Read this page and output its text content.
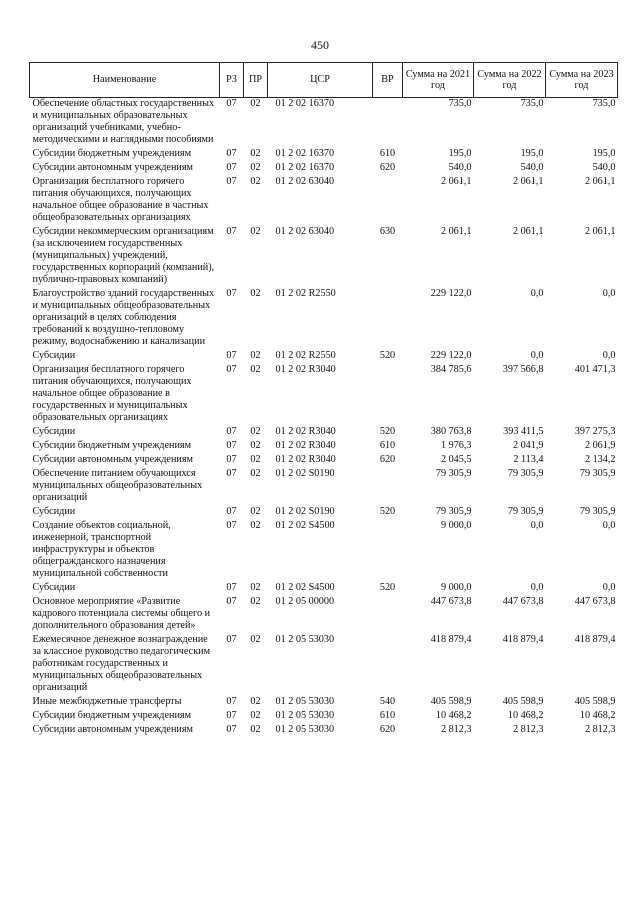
450
Наименование	РЗ	ПР	ЦСР	ВР	Сумма на 2021 год	Сумма на 2022 год	Сумма на 2023 год
Обеспечение областных государственных и муниципальных образовательных организаций учебниками, учебно-методическими и наглядными пособиями	07	02	01 2 02 16370		735,0	735,0	735,0
Субсидии бюджетным учреждениям	07	02	01 2 02 16370	610	195,0	195,0	195,0
Субсидии автономным учреждениям	07	02	01 2 02 16370	620	540,0	540,0	540,0
Организация бесплатного горячего питания обучающихся, получающих начальное общее образование в частных общеобразовательных организациях	07	02	01 2 02 63040		2 061,1	2 061,1	2 061,1
Субсидии некоммерческим организациям (за исключением государственных (муниципальных) учреждений, государственных корпораций (компаний), публично-правовых компаний)	07	02	01 2 02 63040	630	2 061,1	2 061,1	2 061,1
Благоустройство зданий государственных и муниципальных общеобразовательных организаций в целях соблюдения требований к воздушно-тепловому режиму, водоснабжению и канализации	07	02	01 2 02 R2550		229 122,0	0,0	0,0
Субсидии	07	02	01 2 02 R2550	520	229 122,0	0,0	0,0
Организация бесплатного горячего питания обучающихся, получающих начальное общее образование в государственных и муниципальных образовательных организациях	07	02	01 2 02 R3040		384 785,6	397 566,8	401 471,3
Субсидии	07	02	01 2 02 R3040	520	380 763,8	393 411,5	397 275,3
Субсидии бюджетным учреждениям	07	02	01 2 02 R3040	610	1 976,3	2 041,9	2 061,9
Субсидии автономным учреждениям	07	02	01 2 02 R3040	620	2 045,5	2 113,4	2 134,2
Обеспечение питанием обучающихся муниципальных общеобразовательных организаций	07	02	01 2 02 S0190		79 305,9	79 305,9	79 305,9
Субсидии	07	02	01 2 02 S0190	520	79 305,9	79 305,9	79 305,9
Создание объектов социальной, инженерной, транспортной инфраструктуры и объектов общегражданского назначения муниципальной собственности	07	02	01 2 02 S4500		9 000,0	0,0	0,0
Субсидии	07	02	01 2 02 S4500	520	9 000,0	0,0	0,0
Основное мероприятие «Развитие кадрового потенциала системы общего и дополнительного образования детей»	07	02	01 2 05 00000		447 673,8	447 673,8	447 673,8
Ежемесячное денежное вознаграждение за классное руководство педагогическим работникам государственных и муниципальных общеобразовательных организаций	07	02	01 2 05 53030		418 879,4	418 879,4	418 879,4
Иные межбюджетные трансферты	07	02	01 2 05 53030	540	405 598,9	405 598,9	405 598,9
Субсидии бюджетным учреждениям	07	02	01 2 05 53030	610	10 468,2	10 468,2	10 468,2
Субсидии автономным учреждениям	07	02	01 2 05 53030	620	2 812,3	2 812,3	2 812,3
